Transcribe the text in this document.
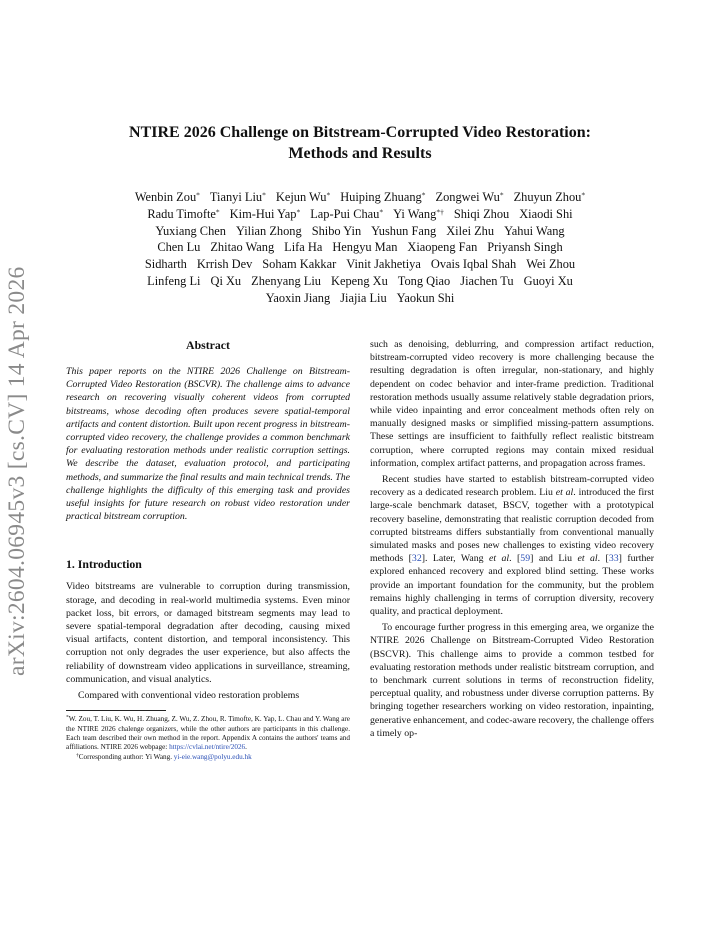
arXiv:2604.06945v3 [cs.CV] 14 Apr 2026
NTIRE 2026 Challenge on Bitstream-Corrupted Video Restoration:
Methods and Results
Wenbin Zou* Tianyi Liu* Kejun Wu* Huiping Zhuang* Zongwei Wu* Zhuyun Zhou*
Radu Timofte* Kim-Hui Yap* Lap-Pui Chau* Yi Wang*† Shiqi Zhou Xiaodi Shi
Yuxiang Chen Yilian Zhong Shibo Yin Yushun Fang Xilei Zhu Yahui Wang
Chen Lu Zhitao Wang Lifa Ha Hengyu Man Xiaopeng Fan Priyansh Singh
Sidharth Krrish Dev Soham Kakkar Vinit Jakhetiya Ovais Iqbal Shah Wei Zhou
Linfeng Li Qi Xu Zhenyang Liu Kepeng Xu Tong Qiao Jiachen Tu Guoyi Xu
Yaoxin Jiang Jiajia Liu Yaokun Shi
Abstract
This paper reports on the NTIRE 2026 Challenge on Bitstream-Corrupted Video Restoration (BSCVR). The challenge aims to advance research on recovering visually coherent videos from corrupted bitstreams, whose decoding often produces severe spatial-temporal artifacts and content distortion. Built upon recent progress in bitstream-corrupted video recovery, the challenge provides a common benchmark for evaluating restoration methods under realistic corruption settings. We describe the dataset, evaluation protocol, and participating methods, and summarize the final results and main technical trends. The challenge highlights the difficulty of this emerging task and provides useful insights for future research on robust video restoration under practical bitstream corruption.
1. Introduction
Video bitstreams are vulnerable to corruption during transmission, storage, and decoding in real-world multimedia systems. Even minor packet loss, bit errors, or damaged bitstream segments may lead to severe spatial-temporal degradation after decoding, causing mixed visual artifacts, content distortion, and temporal inconsistency. This corruption not only degrades the user experience, but also affects the reliability of downstream video applications in surveillance, streaming, communication, and visual analytics.
Compared with conventional video restoration problems
*W. Zou, T. Liu, K. Wu, H. Zhuang, Z. Wu, Z. Zhou, R. Timofte, K. Yap, L. Chau and Y. Wang are the NTIRE 2026 chalenge organizers, while the other authors are participants in this challenge. Each team described their own method in the report. Appendix A contains the authors' teams and affiliations. NTIRE 2026 webpage: https://cvlai.net/ntire/2026.
†Corresponding author: Yi Wang. yi-eie.wang@polyu.edu.hk
such as denoising, deblurring, and compression artifact reduction, bitstream-corrupted video recovery is more challenging because the resulting degradation is often irregular, non-stationary, and highly dependent on codec behavior and inter-frame prediction. Traditional restoration methods usually assume relatively stable degradation priors, while video inpainting and error concealment methods often rely on manually designed masks or simplified missing-pattern assumptions. These settings are insufficient to faithfully reflect realistic bitstream corruption, where corrupted regions may contain mixed residual information, complex artifact patterns, and propagation across frames.
Recent studies have started to establish bitstream-corrupted video recovery as a dedicated research problem. Liu et al. introduced the first large-scale benchmark dataset, BSCV, together with a prototypical recovery baseline, demonstrating that realistic corruption decoded from corrupted bitstreams differs substantially from conventional manually simulated masks and poses new challenges to existing video recovery methods [32]. Later, Wang et al. [59] and Liu et al. [33] further explored enhanced recovery and explored blind setting. These works provide an important foundation for the community, but the problem remains highly challenging in terms of corruption diversity, recovery quality, and practical deployment.
To encourage further progress in this emerging area, we organize the NTIRE 2026 Challenge on Bitstream-Corrupted Video Restoration (BSCVR). This challenge aims to provide a common testbed for evaluating restoration methods under realistic bitstream corruption, and to benchmark current solutions in terms of reconstruction fidelity, perceptual quality, and robustness under diverse corruption patterns. By bringing together researchers working on video restoration, inpainting, generative enhancement, and codec-aware recovery, the challenge offers a timely op-
